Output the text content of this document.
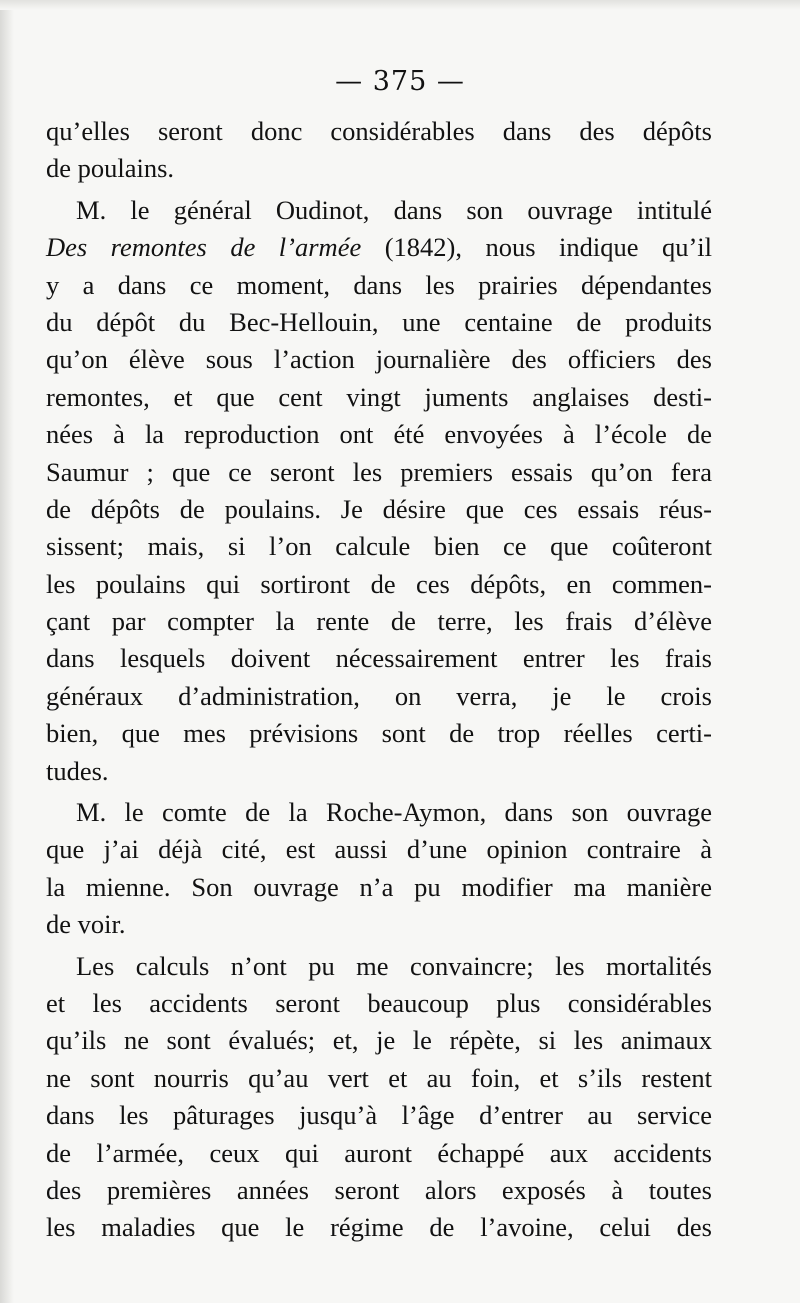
— 375 —
qu’elles seront donc considérables dans des dépôts
de poulains.
M. le général Oudinot, dans son ouvrage intitulé
Des remontes de l’armée (1842), nous indique qu’il
y a dans ce moment, dans les prairies dépendantes
du dépôt du Bec-Hellouin, une centaine de produits
qu’on élève sous l’action journalière des officiers des
remontes, et que cent vingt juments anglaises desti-
nées à la reproduction ont été envoyées à l’école de
Saumur ; que ce seront les premiers essais qu’on fera
de dépôts de poulains. Je désire que ces essais réus-
sissent; mais, si l’on calcule bien ce que coûteront
les poulains qui sortiront de ces dépôts, en commen-
çant par compter la rente de terre, les frais d’élève
dans lesquels doivent nécessairement entrer les frais
généraux d’administration, on verra, je le crois
bien, que mes prévisions sont de trop réelles certi-
tudes.
M. le comte de la Roche-Aymon, dans son ouvrage
que j’ai déjà cité, est aussi d’une opinion contraire à
la mienne. Son ouvrage n’a pu modifier ma manière
de voir.
Les calculs n’ont pu me convaincre; les mortalités
et les accidents seront beaucoup plus considérables
qu’ils ne sont évalués; et, je le répète, si les animaux
ne sont nourris qu’au vert et au foin, et s’ils restent
dans les pâturages jusqu’à l’âge d’entrer au service
de l’armée, ceux qui auront échappé aux accidents
des premières années seront alors exposés à toutes
les maladies que le régime de l’avoine, celui des
